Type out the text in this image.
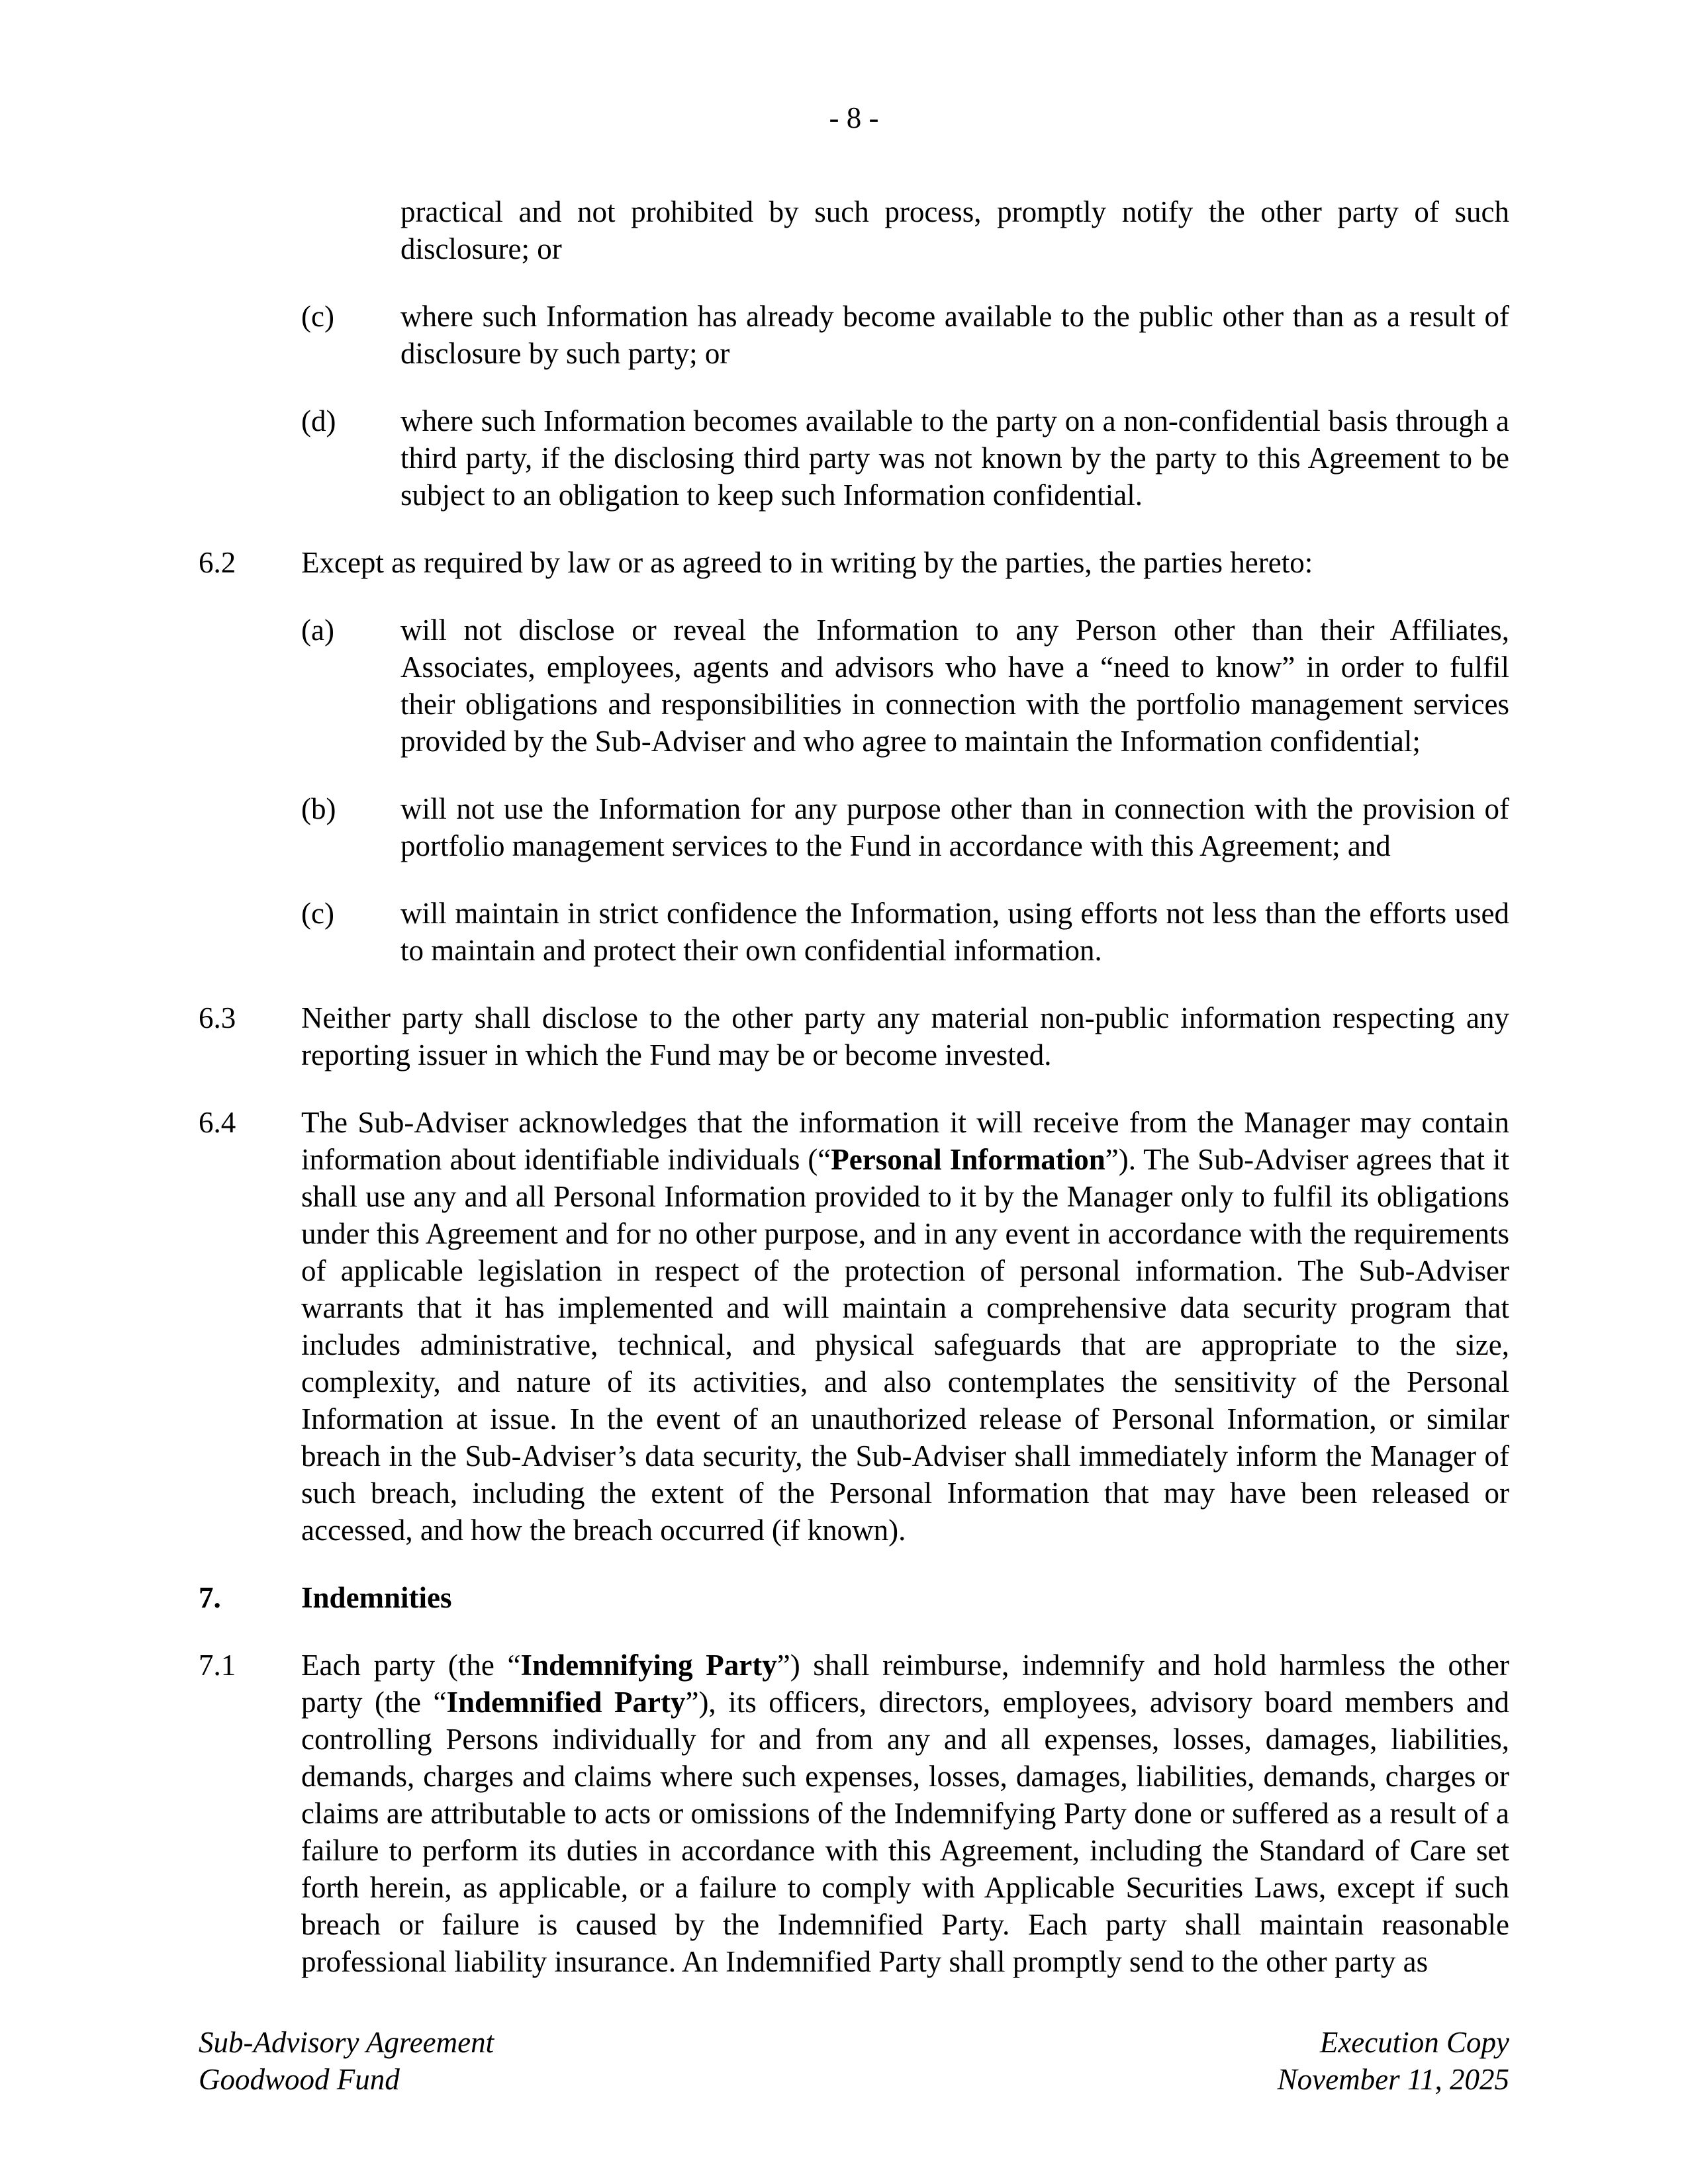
- 8 -
practical and not prohibited by such process, promptly notify the other party of such disclosure; or
(c)	where such Information has already become available to the public other than as a result of disclosure by such party; or
(d)	where such Information becomes available to the party on a non-confidential basis through a third party, if the disclosing third party was not known by the party to this Agreement to be subject to an obligation to keep such Information confidential.
6.2	Except as required by law or as agreed to in writing by the parties, the parties hereto:
(a)	will not disclose or reveal the Information to any Person other than their Affiliates, Associates, employees, agents and advisors who have a “need to know” in order to fulfil their obligations and responsibilities in connection with the portfolio management services provided by the Sub-Adviser and who agree to maintain the Information confidential;
(b)	will not use the Information for any purpose other than in connection with the provision of portfolio management services to the Fund in accordance with this Agreement; and
(c)	will maintain in strict confidence the Information, using efforts not less than the efforts used to maintain and protect their own confidential information.
6.3	Neither party shall disclose to the other party any material non-public information respecting any reporting issuer in which the Fund may be or become invested.
6.4	The Sub-Adviser acknowledges that the information it will receive from the Manager may contain information about identifiable individuals (“Personal Information”). The Sub-Adviser agrees that it shall use any and all Personal Information provided to it by the Manager only to fulfil its obligations under this Agreement and for no other purpose, and in any event in accordance with the requirements of applicable legislation in respect of the protection of personal information. The Sub-Adviser warrants that it has implemented and will maintain a comprehensive data security program that includes administrative, technical, and physical safeguards that are appropriate to the size, complexity, and nature of its activities, and also contemplates the sensitivity of the Personal Information at issue. In the event of an unauthorized release of Personal Information, or similar breach in the Sub-Adviser’s data security, the Sub-Adviser shall immediately inform the Manager of such breach, including the extent of the Personal Information that may have been released or accessed, and how the breach occurred (if known).
7.	Indemnities
7.1	Each party (the “Indemnifying Party”) shall reimburse, indemnify and hold harmless the other party (the “Indemnified Party”), its officers, directors, employees, advisory board members and controlling Persons individually for and from any and all expenses, losses, damages, liabilities, demands, charges and claims where such expenses, losses, damages, liabilities, demands, charges or claims are attributable to acts or omissions of the Indemnifying Party done or suffered as a result of a failure to perform its duties in accordance with this Agreement, including the Standard of Care set forth herein, as applicable, or a failure to comply with Applicable Securities Laws, except if such breach or failure is caused by the Indemnified Party. Each party shall maintain reasonable professional liability insurance. An Indemnified Party shall promptly send to the other party as
Sub-Advisory Agreement
Goodwood Fund
Execution Copy
November 11, 2025
